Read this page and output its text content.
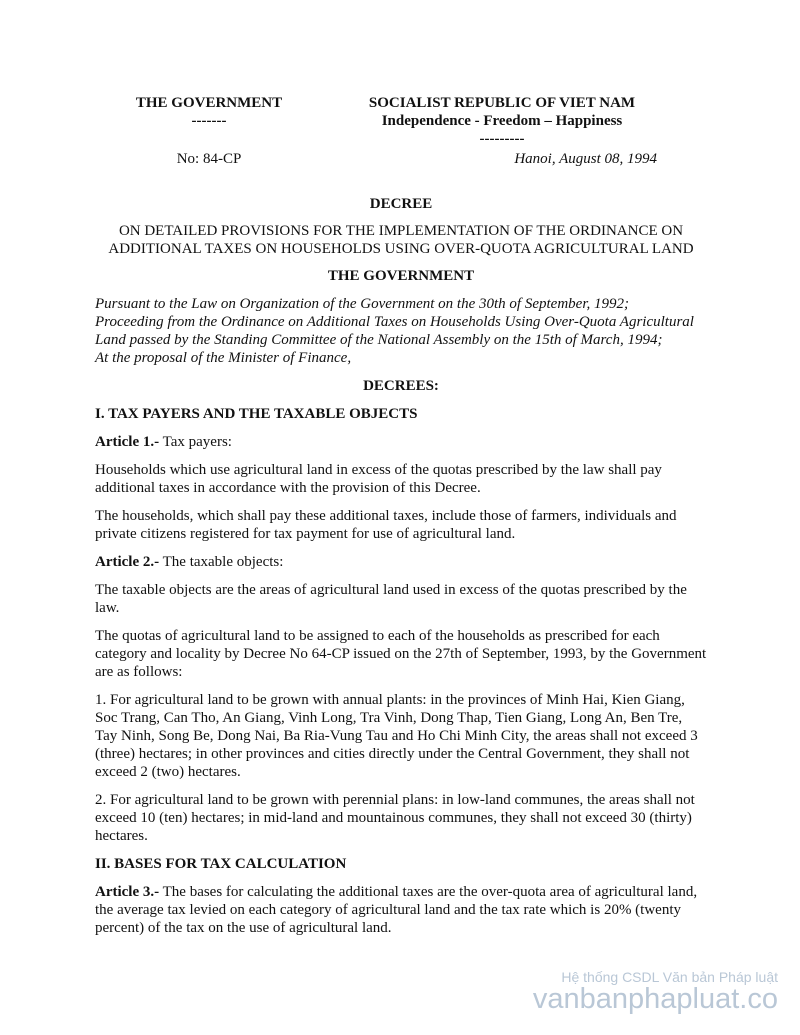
THE GOVERNMENT
-------
SOCIALIST REPUBLIC OF VIET NAM
Independence - Freedom – Happiness
---------
No: 84-CP	Hanoi, August 08, 1994
DECREE
ON DETAILED PROVISIONS FOR THE IMPLEMENTATION OF THE ORDINANCE ON ADDITIONAL TAXES ON HOUSEHOLDS USING OVER-QUOTA AGRICULTURAL LAND
THE GOVERNMENT
Pursuant to the Law on Organization of the Government on the 30th of September, 1992;
Proceeding from the Ordinance on Additional Taxes on Households Using Over-Quota Agricultural Land passed by the Standing Committee of the National Assembly on the 15th of March, 1994;
At the proposal of the Minister of Finance,
DECREES:
I. TAX PAYERS AND THE TAXABLE OBJECTS

Article 1.- Tax payers:

Households which use agricultural land in excess of the quotas prescribed by the law shall pay additional taxes in accordance with the provision of this Decree.

The households, which shall pay these additional taxes, include those of farmers, individuals and private citizens registered for tax payment for use of agricultural land.

Article 2.- The taxable objects:

The taxable objects are the areas of agricultural land used in excess of the quotas prescribed by the law.

The quotas of agricultural land to be assigned to each of the households as prescribed for each category and locality by Decree No 64-CP issued on the 27th of September, 1993, by the Government are as follows:

1. For agricultural land to be grown with annual plants: in the provinces of Minh Hai, Kien Giang, Soc Trang, Can Tho, An Giang, Vinh Long, Tra Vinh, Dong Thap, Tien Giang, Long An, Ben Tre, Tay Ninh, Song Be, Dong Nai, Ba Ria-Vung Tau and Ho Chi Minh City, the areas shall not exceed 3 (three) hectares; in other provinces and cities directly under the Central Government, they shall not exceed 2 (two) hectares.

2. For agricultural land to be grown with perennial plans: in low-land communes, the areas shall not exceed 10 (ten) hectares; in mid-land and mountainous communes, they shall not exceed 30 (thirty) hectares.

II. BASES FOR TAX CALCULATION

Article 3.- The bases for calculating the additional taxes are the over-quota area of agricultural land, the average tax levied on each category of agricultural land and the tax rate which is 20% (twenty percent) of the tax on the use of agricultural land.

Hệ thống CSDL Văn bản Pháp luật
vanbanphapluat.co
